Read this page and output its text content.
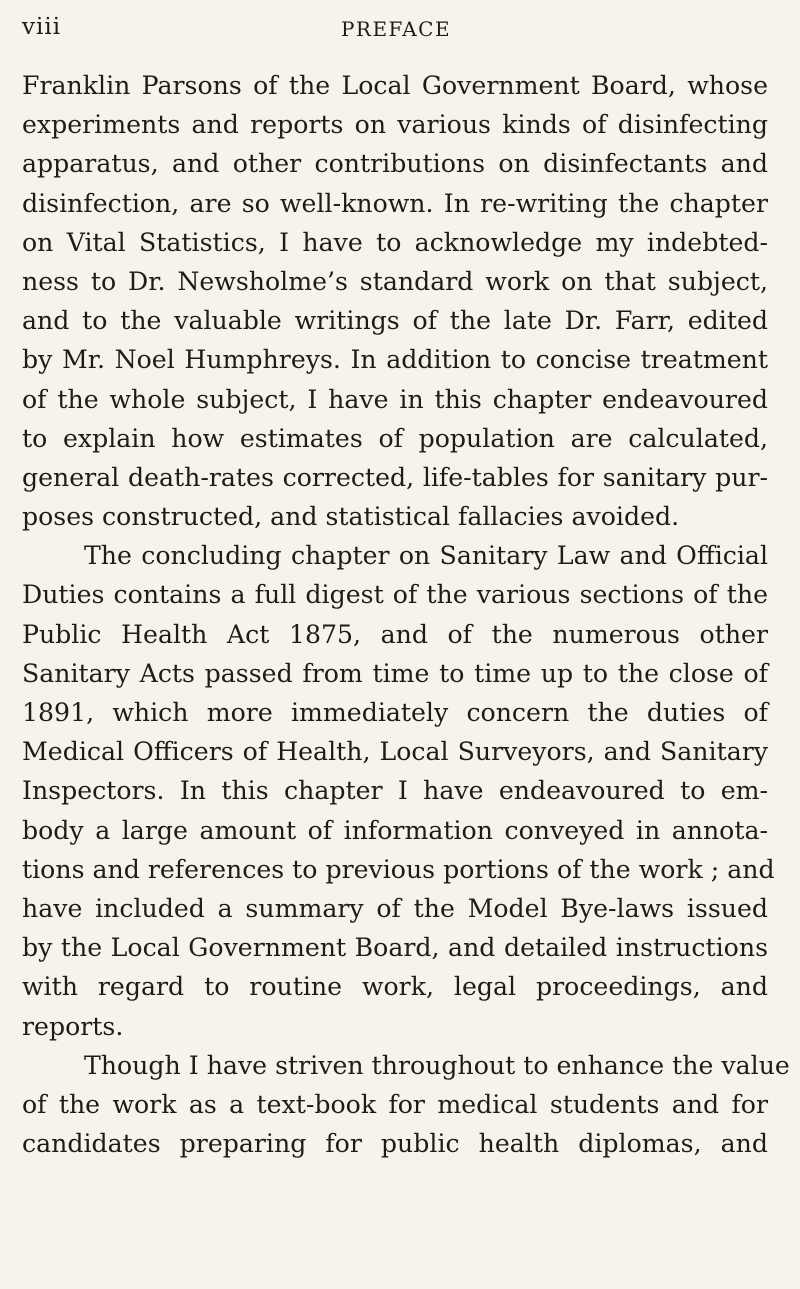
viii	PREFACE
Franklin Parsons of the Local Government Board, whose
experiments and reports on various kinds of disinfecting
apparatus, and other contributions on disinfectants and
disinfection, are so well-known. In re-writing the chapter
on Vital Statistics, I have to acknowledge my indebted-
ness to Dr. Newsholme’s standard work on that subject,
and to the valuable writings of the late Dr. Farr, edited
by Mr. Noel Humphreys. In addition to concise treatment
of the whole subject, I have in this chapter endeavoured
to explain how estimates of population are calculated,
general death-rates corrected, life-tables for sanitary pur-
poses constructed, and statistical fallacies avoided.
The concluding chapter on Sanitary Law and Official
Duties contains a full digest of the various sections of the
Public Health Act 1875, and of the numerous other
Sanitary Acts passed from time to time up to the close of
1891, which more immediately concern the duties of
Medical Officers of Health, Local Surveyors, and Sanitary
Inspectors. In this chapter I have endeavoured to em-
body a large amount of information conveyed in annota-
tions and references to previous portions of the work ; and
have included a summary of the Model Bye-laws issued
by the Local Government Board, and detailed instructions
with regard to routine work, legal proceedings, and
reports.
Though I have striven throughout to enhance the value
of the work as a text-book for medical students and for
candidates preparing for public health diplomas, and
